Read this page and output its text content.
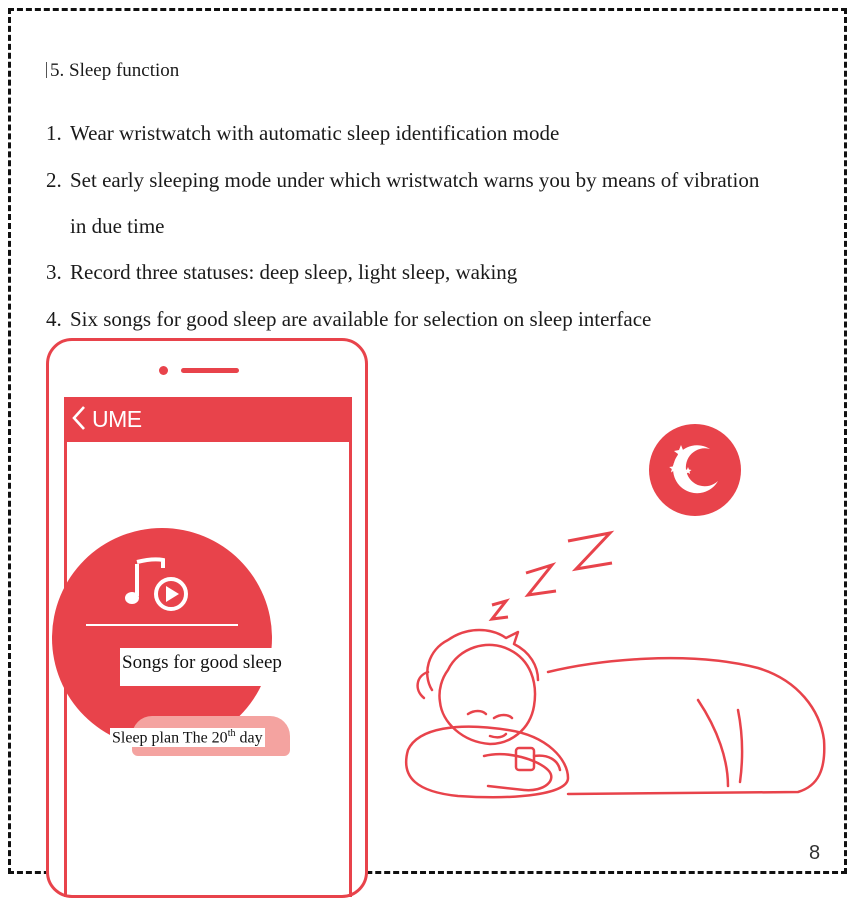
5. Sleep function
1. Wear wristwatch with automatic sleep identification mode
2. Set early sleeping mode under which wristwatch warns you by means of vibration
in due time
3. Record three statuses: deep sleep, light sleep, waking
4. Six songs for good sleep are available for selection on sleep interface
UME
Songs for good sleep
Sleep plan The 20th day
8
